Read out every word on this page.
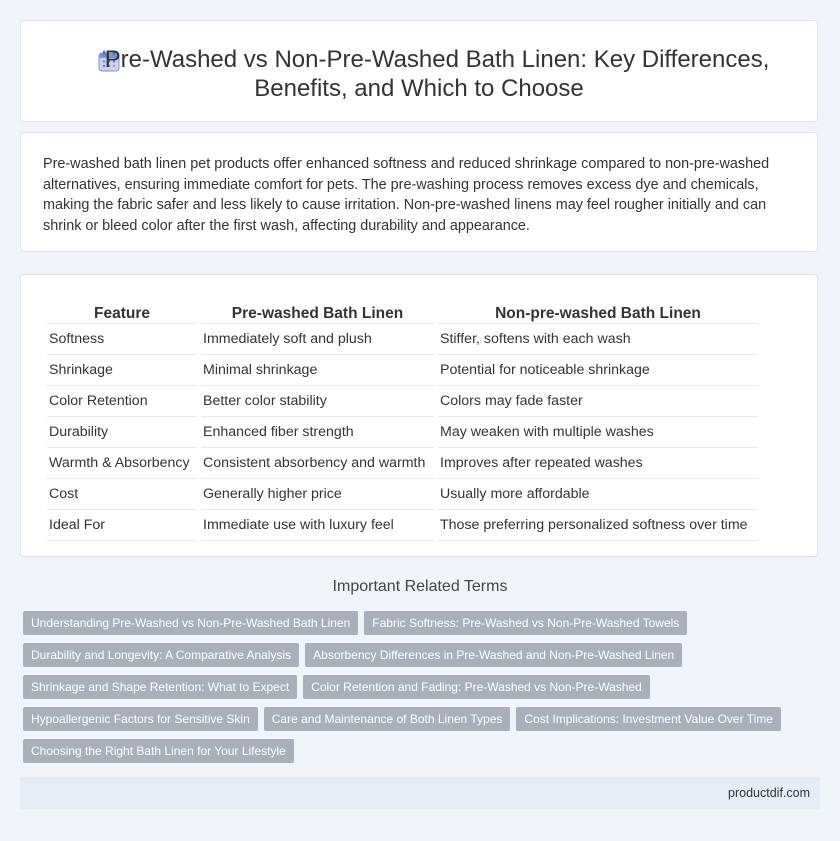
Pre-Washed vs Non-Pre-Washed Bath Linen: Key Differences,
Benefits, and Which to Choose

Pre-washed bath linen pet products offer enhanced softness and reduced shrinkage compared to non-pre-washed alternatives, ensuring immediate comfort for pets. The pre-washing process removes excess dye and chemicals, making the fabric safer and less likely to cause irritation. Non-pre-washed linens may feel rougher initially and can shrink or bleed color after the first wash, affecting durability and appearance.

Feature	Pre-washed Bath Linen	Non-pre-washed Bath Linen
Softness	Immediately soft and plush	Stiffer, softens with each wash
Shrinkage	Minimal shrinkage	Potential for noticeable shrinkage
Color Retention	Better color stability	Colors may fade faster
Durability	Enhanced fiber strength	May weaken with multiple washes
Warmth & Absorbency	Consistent absorbency and warmth	Improves after repeated washes
Cost	Generally higher price	Usually more affordable
Ideal For	Immediate use with luxury feel	Those preferring personalized softness over time
Important Related Terms
Understanding Pre-Washed vs Non-Pre-Washed Bath Linen Fabric Softness: Pre-Washed vs Non-Pre-Washed Towels
Durability and Longevity: A Comparative Analysis Absorbency Differences in Pre-Washed and Non-Pre-Washed Linen
Shrinkage and Shape Retention: What to Expect Color Retention and Fading: Pre-Washed vs Non-Pre-Washed
Hypoallergenic Factors for Sensitive Skin Care and Maintenance of Both Linen Types Cost Implications: Investment Value Over Time
Choosing the Right Bath Linen for Your Lifestyle
productdif.com
